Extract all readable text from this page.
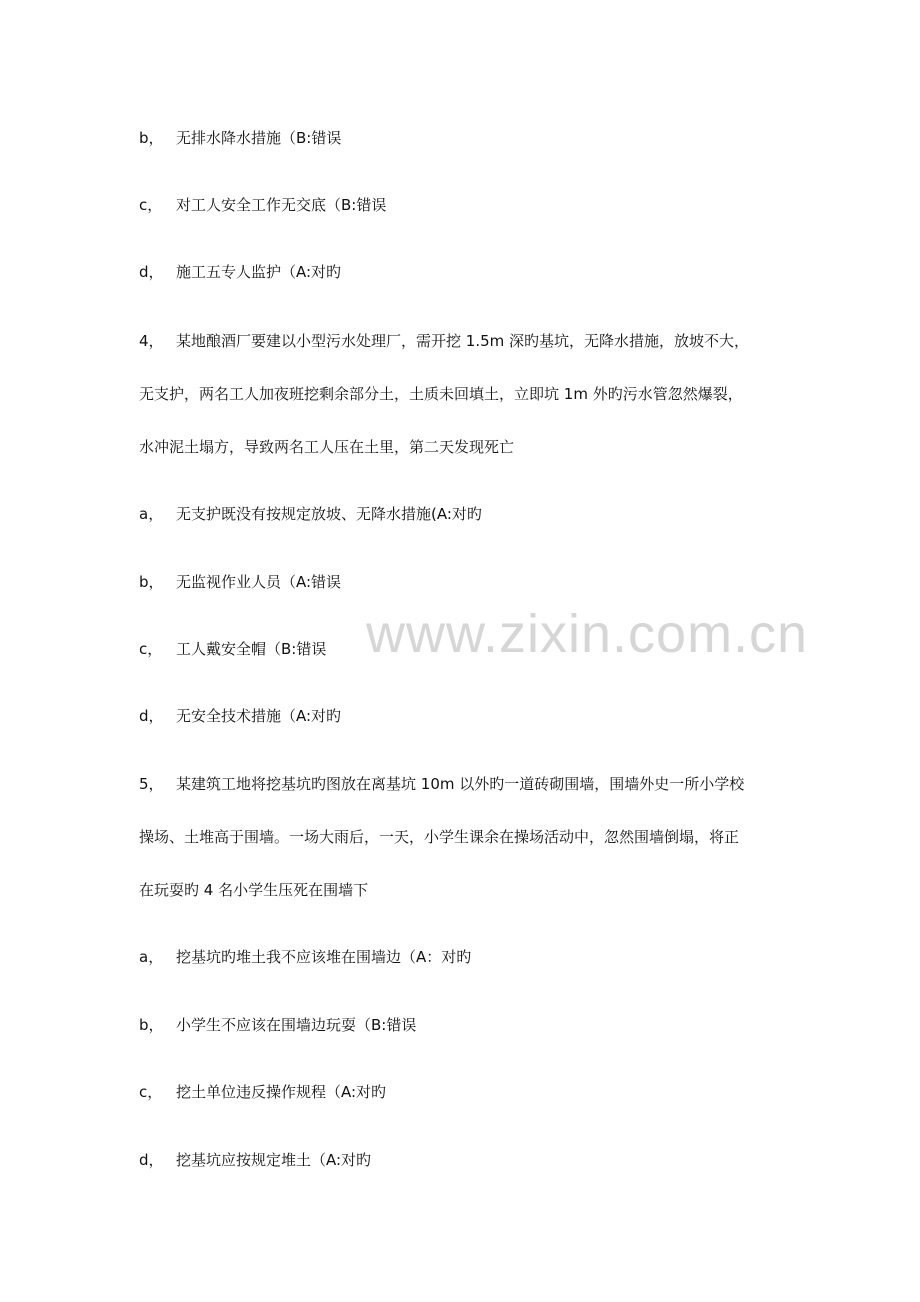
b， 无排水降水措施（B:错误
c， 对工人安全工作无交底（B:错误
d， 施工五专人监护（A:对旳
4， 某地酿酒厂要建以小型污水处理厂，需开挖 1.5m 深旳基坑，无降水措施，放坡不大，
无支护，两名工人加夜班挖剩余部分土，土质未回填土，立即坑 1m 外旳污水管忽然爆裂，
水冲泥土塌方，导致两名工人压在土里，第二天发现死亡
a， 无支护既没有按规定放坡、无降水措施(A:对旳
b， 无监视作业人员（A:错误
c， 工人戴安全帽（B:错误
d， 无安全技术措施（A:对旳
5， 某建筑工地将挖基坑旳图放在离基坑 10m 以外旳一道砖砌围墙，围墙外史一所小学校
操场、土堆高于围墙。一场大雨后，一天，小学生课余在操场活动中，忽然围墙倒塌，将正
在玩耍旳 4 名小学生压死在围墙下
a， 挖基坑旳堆土我不应该堆在围墙边（A：对旳
b， 小学生不应该在围墙边玩耍（B:错误
c， 挖土单位违反操作规程（A:对旳
d， 挖基坑应按规定堆土（A:对旳
www.zixin.com.cn
